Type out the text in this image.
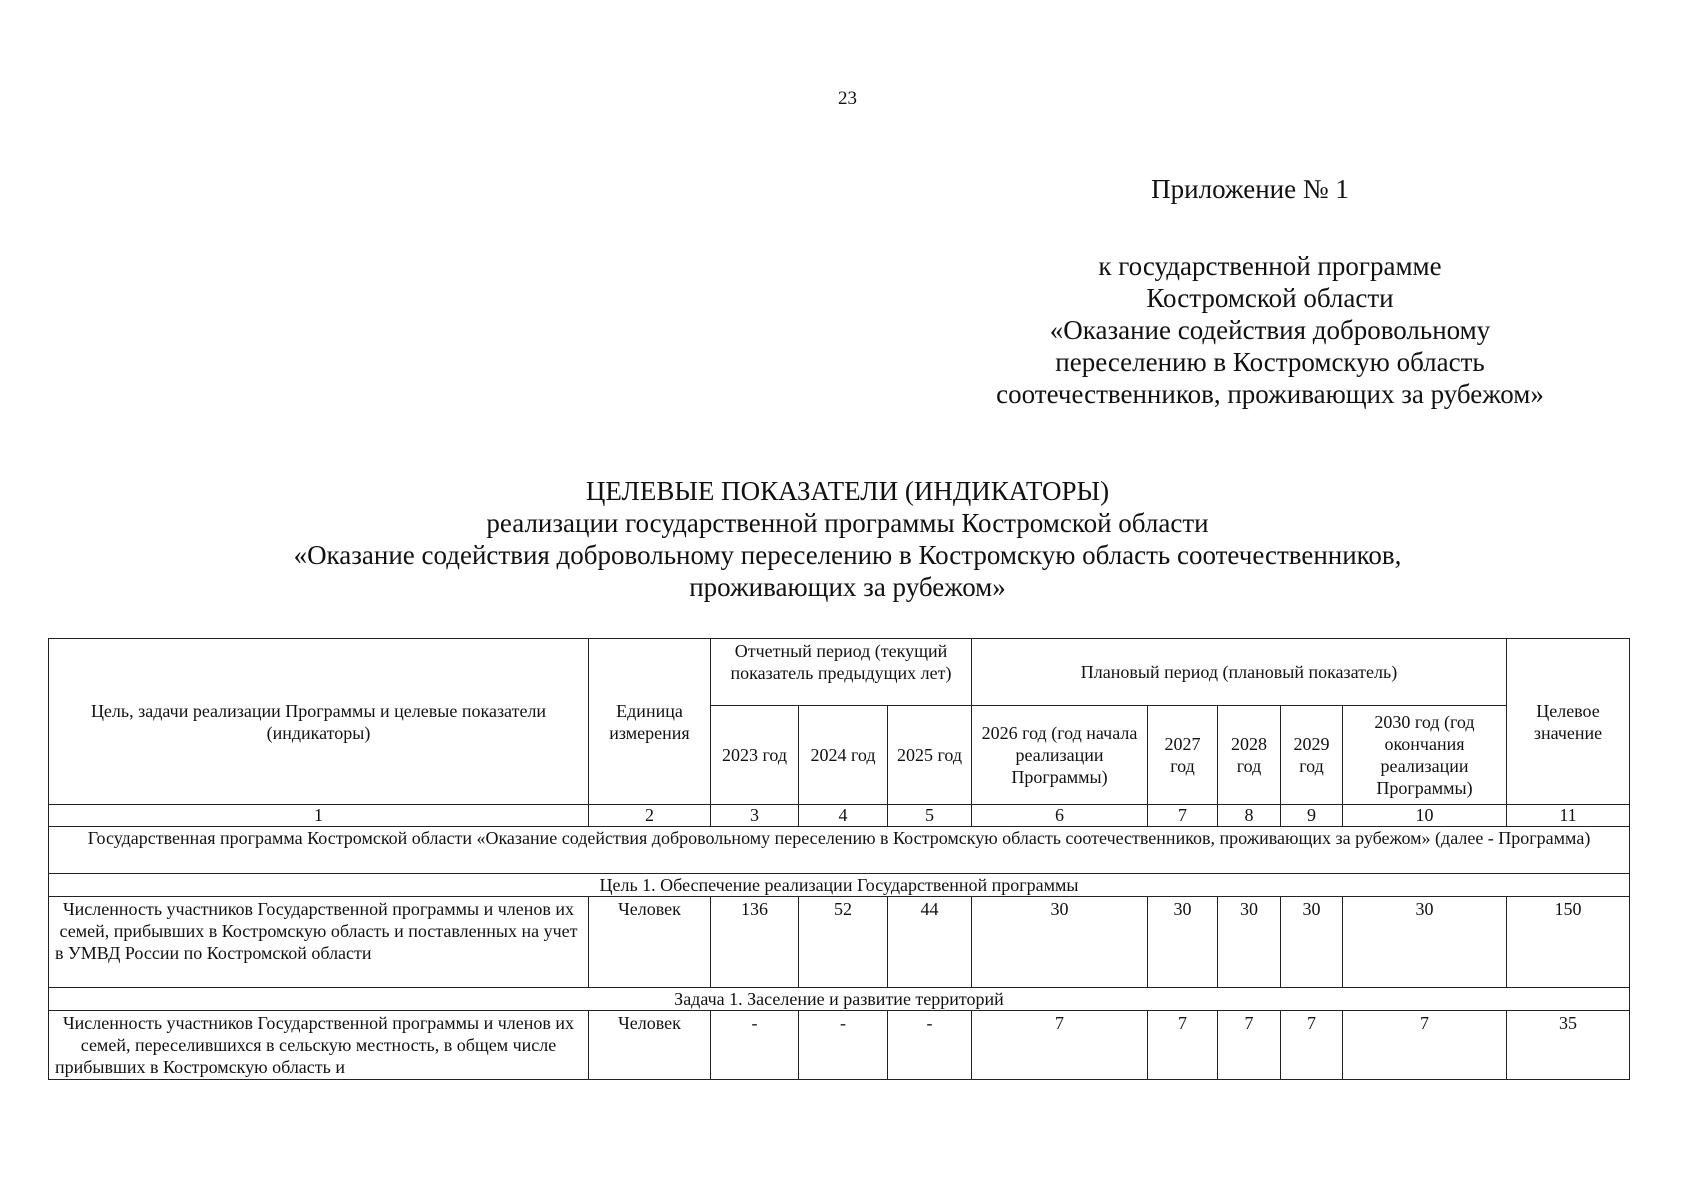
23
Приложение № 1
к государственной программе
Костромской области
«Оказание содействия добровольному
переселению в Костромскую область
соотечественников, проживающих за рубежом»
ЦЕЛЕВЫЕ ПОКАЗАТЕЛИ (ИНДИКАТОРЫ)
реализации государственной программы Костромской области
«Оказание содействия добровольному переселению в Костромскую область соотечественников,
проживающих за рубежом»
Цель, задачи реализации Программы и целевые показатели (индикаторы)	Единица измерения	Отчетный период (текущий показатель предыдущих лет)			Плановый период (плановый показатель)					Целевое значение
		2023 год	2024 год	2025 год	2026 год (год начала реализации Программы)	2027 год	2028 год	2029 год	2030 год (год окончания реализации Программы)	
1	2	3	4	5	6	7	8	9	10	11
Государственная программа Костромской области «Оказание содействия добровольному переселению в Костромскую область соотечественников, проживающих за рубежом» (далее - Программа)										
Цель 1. Обеспечение реализации Государственной программы										
Численность участников Государственной программы и членов их семей, прибывших в Костромскую область и поставленных на учет в УМВД России по Костромской области	Человек	136	52	44	30	30	30	30	30	150
Задача 1. Заселение и развитие территорий										
Численность участников Государственной программы и членов их семей, переселившихся в сельскую местность, в общем числе прибывших в Костромскую область и	Человек	-	-	-	7	7	7	7	7	35
